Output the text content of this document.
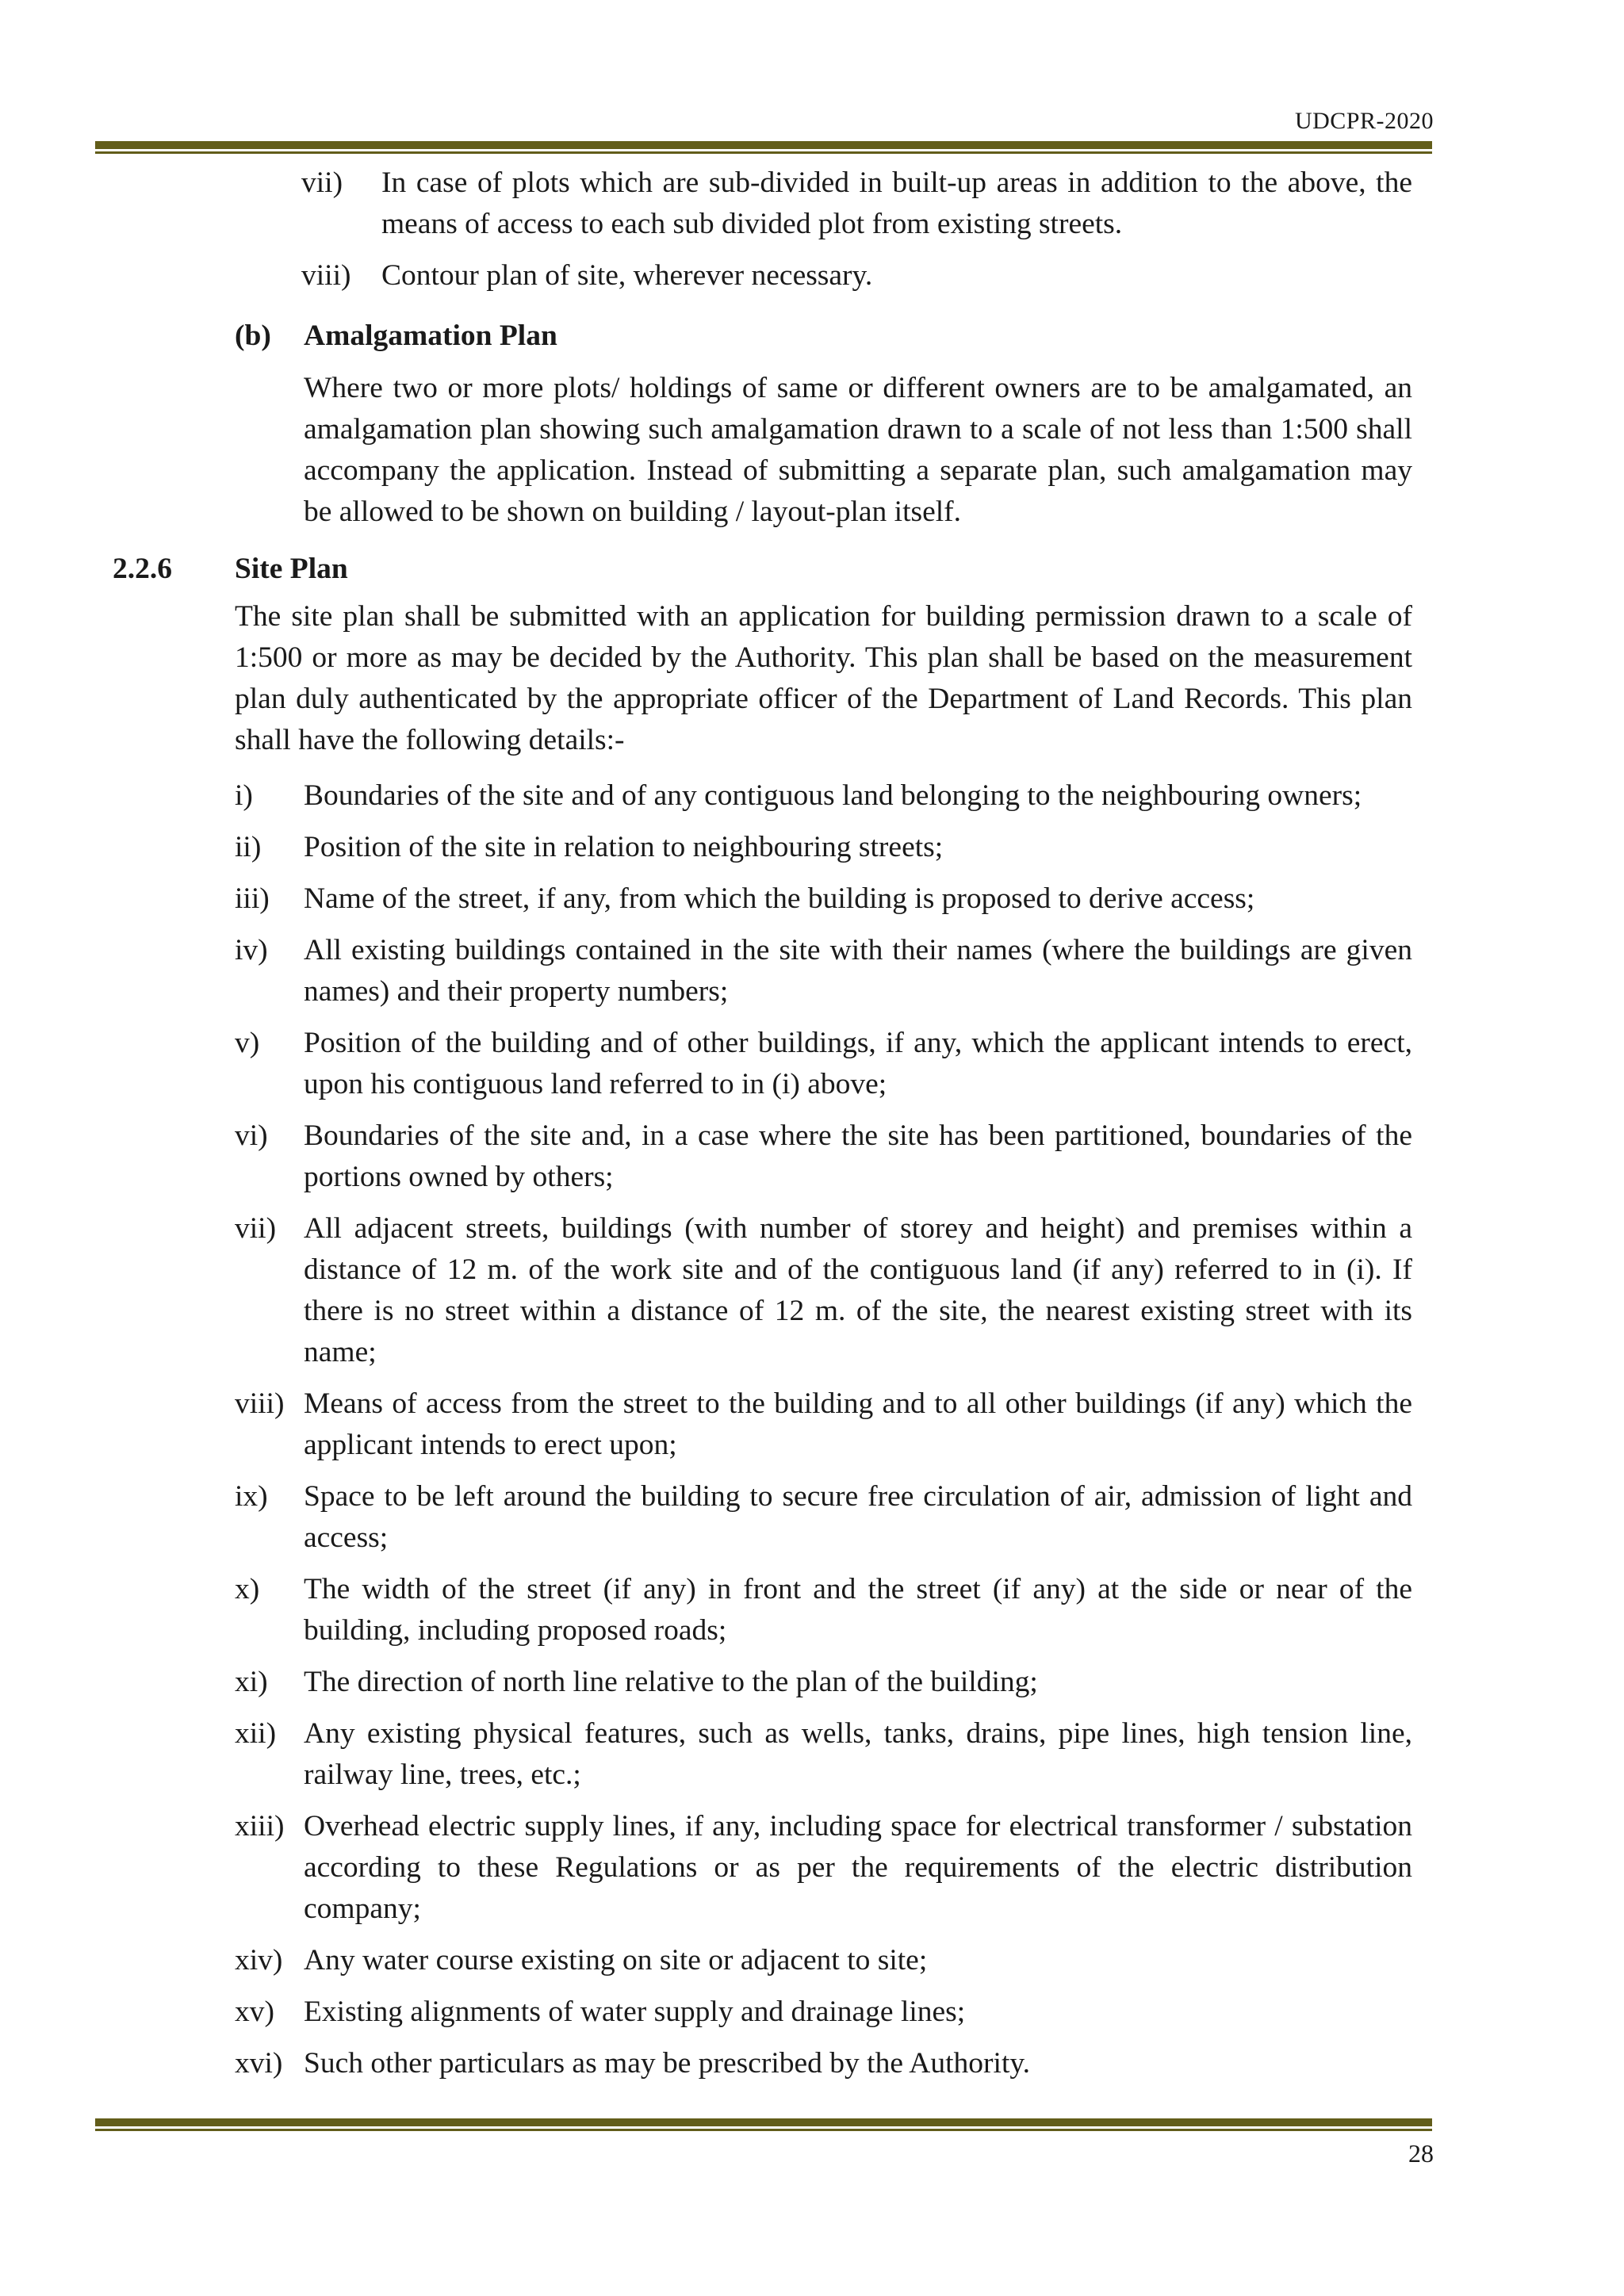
UDCPR-2020
vii) In case of plots which are sub-divided in built-up areas in addition to the above, the means of access to each sub divided plot from existing streets.
viii) Contour plan of site, wherever necessary.
(b) Amalgamation Plan
Where two or more plots/ holdings of same or different owners are to be amalgamated, an amalgamation plan showing such amalgamation drawn to a scale of not less than 1:500 shall accompany the application. Instead of submitting a separate plan, such amalgamation may be allowed to be shown on building / layout-plan itself.
2.2.6 Site Plan
The site plan shall be submitted with an application for building permission drawn to a scale of 1:500 or more as may be decided by the Authority. This plan shall be based on the measurement plan duly authenticated by the appropriate officer of the Department of Land Records. This plan shall have the following details:-
i) Boundaries of the site and of any contiguous land belonging to the neighbouring owners;
ii) Position of the site in relation to neighbouring streets;
iii) Name of the street, if any, from which the building is proposed to derive access;
iv) All existing buildings contained in the site with their names (where the buildings are given names) and their property numbers;
v) Position of the building and of other buildings, if any, which the applicant intends to erect, upon his contiguous land referred to in (i) above;
vi) Boundaries of the site and, in a case where the site has been partitioned, boundaries of the portions owned by others;
vii) All adjacent streets, buildings (with number of storey and height) and premises within a distance of 12 m. of the work site and of the contiguous land (if any) referred to in (i). If there is no street within a distance of 12 m. of the site, the nearest existing street with its name;
viii) Means of access from the street to the building and to all other buildings (if any) which the applicant intends to erect upon;
ix) Space to be left around the building to secure free circulation of air, admission of light and access;
x) The width of the street (if any) in front and the street (if any) at the side or near of the building, including proposed roads;
xi) The direction of north line relative to the plan of the building;
xii) Any existing physical features, such as wells, tanks, drains, pipe lines, high tension line, railway line, trees, etc.;
xiii) Overhead electric supply lines, if any, including space for electrical transformer / substation according to these Regulations or as per the requirements of the electric distribution company;
xiv) Any water course existing on site or adjacent to site;
xv) Existing alignments of water supply and drainage lines;
xvi) Such other particulars as may be prescribed by the Authority.
28
